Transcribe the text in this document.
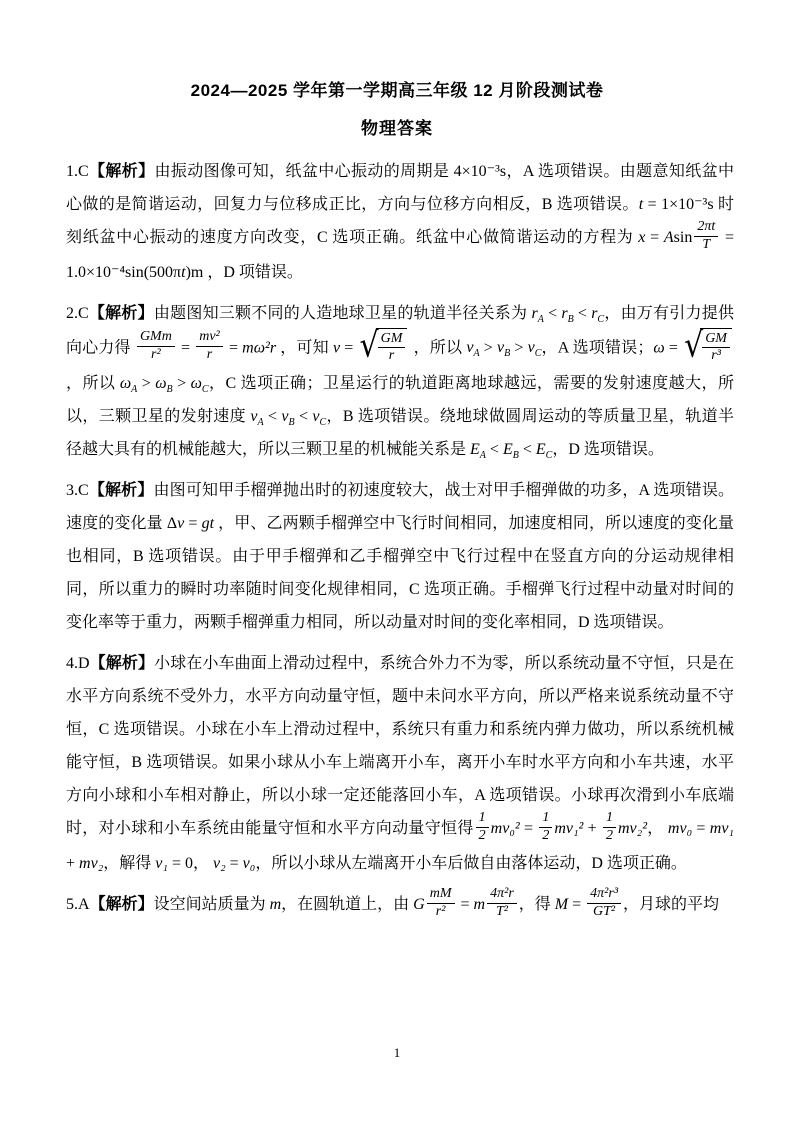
2024—2025 学年第一学期高三年级 12 月阶段测试卷
物理答案

1.C【解析】由振动图像可知，纸盆中心振动的周期是 4×10⁻³s，A 选项错误。由题意知纸盆中心做的是简谐运动，回复力与位移成正比，方向与位移方向相反，B 选项错误。t = 1×10⁻³s 时刻纸盆中心振动的速度方向改变，C 选项正确。纸盆中心做简谐运动的方程为 x = Asin $\frac{2\pi t}{T} = 1.0\times 10^{-4}\sin(500\pi t)m$ ，D 项错误。

2.C【解析】由题图知三颗不同的人造地球卫星的轨道半径关系为 $r_A < r_B < r_C$，由万有引力提供向心力得 $\frac{\text{GMm}}{\text{r²}} = \frac{\text{mv²}}{r} = m\omega^2r$ ，可知 v = √ $\frac{GM}{r}$ ，所以 $v_A > v_B > v_C$，A 选项错误；ω = √ $\frac{GM}{\text{r³}}$
，所以 $\omega_A > \omega_B > \omega_C$，C 选项正确；卫星运行的轨道距离地球越远，需要的发射速度越大，所以，三颗卫星的发射速度 $v_A < v_B < v_C$，B 选项错误。绕地球做圆周运动的等质量卫星，轨道半径越大具有的机械能越大，所以三颗卫星的机械能关系是 $E_A < E_B < E_C$，D 选项错误。

3.C【解析】由图可知甲手榴弹抛出时的初速度较大，战士对甲手榴弹做的功多，A 选项错误。速度的变化量 Δv = gt ，甲、乙两颗手榴弹空中飞行时间相同，加速度相同，所以速度的变化量也相同，B 选项错误。由于甲手榴弹和乙手榴弹空中飞行过程中在竖直方向的分运动规律相同，所以重力的瞬时功率随时间变化规律相同，C 选项正确。手榴弹飞行过程中动量对时间的变化率等于重力，两颗手榴弹重力相同，所以动量对时间的变化率相同，D 选项错误。

4.D【解析】小球在小车曲面上滑动过程中，系统合外力不为零，所以系统动量不守恒，只是在水平方向系统不受外力，水平方向动量守恒，题中未问水平方向，所以严格来说系统动量不守恒，C 选项错误。小球在小车上滑动过程中，系统只有重力和系统内弹力做功，所以系统机械能守恒，B 选项错误。如果小球从小车上端离开小车，离开小车时水平方向和小车共速，水平方向小球和小车相对静止，所以小球一定还能落回小车，A 选项错误。小球再次滑到小车底端时，对小球和小车系统由能量守恒和水平方向动量守恒得 $\frac{1}{2} mv_0^2 = \frac{1}{2} mv_1^2 + \frac{1}{2} mv_2^2$， mv₀ = mv₁ + mv₂，解得 v₁ = 0， v₂ = v₀，所以小球从左端离开小车后做自由落体运动，D 选项正确。

5.A【解析】设空间站质量为 m，在圆轨道上，由 G $\frac{mM}{\text{r²}} = m \frac{\text{4π²r}}{\text{T²}}$ ，得 $M = \frac{\text{4π²r³}}{\text{GT²}}$ ，月球的平均

1
